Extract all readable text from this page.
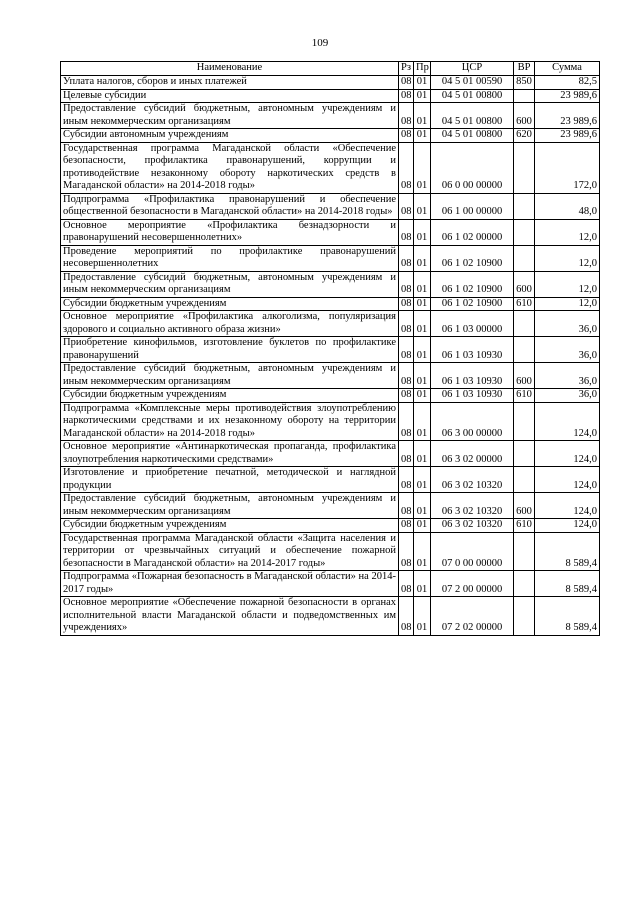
109
Наименование	Рз	Пр	ЦСР	ВР	Сумма
Уплата налогов, сборов и иных платежей	08	01	04 5 01 00590	850	82,5
Целевые субсидии	08	01	04 5 01 00800		23 989,6
Предоставление субсидий бюджетным, автономным учреждениям и иным некоммерческим организациям	08	01	04 5 01 00800	600	23 989,6
Субсидии автономным учреждениям	08	01	04 5 01 00800	620	23 989,6
Государственная программа Магаданской области «Обеспечение безопасности, профилактика правонарушений, коррупции и противодействие незаконному обороту наркотических средств в Магаданской области» на 2014-2018 годы»	08	01	06 0 00 00000		172,0
Подпрограмма «Профилактика правонарушений и обеспечение общественной безопасности в Магаданской области» на 2014-2018 годы»	08	01	06 1 00 00000		48,0
Основное мероприятие «Профилактика безнадзорности и правонарушений несовершеннолетних»	08	01	06 1 02 00000		12,0
Проведение мероприятий по профилактике правонарушений несовершеннолетних	08	01	06 1 02 10900		12,0
Предоставление субсидий бюджетным, автономным учреждениям и иным некоммерческим организациям	08	01	06 1 02 10900	600	12,0
Субсидии бюджетным учреждениям	08	01	06 1 02 10900	610	12,0
Основное мероприятие «Профилактика алкоголизма, популяризация здорового и социально активного образа жизни»	08	01	06 1 03 00000		36,0
Приобретение кинофильмов, изготовление буклетов по профилактике правонарушений	08	01	06 1 03 10930		36,0
Предоставление субсидий бюджетным, автономным учреждениям и иным некоммерческим организациям	08	01	06 1 03 10930	600	36,0
Субсидии бюджетным учреждениям	08	01	06 1 03 10930	610	36,0
Подпрограмма «Комплексные меры противодействия злоупотреблению наркотическими средствами и их незаконному обороту на территории Магаданской области» на 2014-2018 годы»	08	01	06 3 00 00000		124,0
Основное мероприятие «Антинаркотическая пропаганда, профилактика злоупотребления наркотическими средствами»	08	01	06 3 02 00000		124,0
Изготовление и приобретение печатной, методической и наглядной продукции	08	01	06 3 02 10320		124,0
Предоставление субсидий бюджетным, автономным учреждениям и иным некоммерческим организациям	08	01	06 3 02 10320	600	124,0
Субсидии бюджетным учреждениям	08	01	06 3 02 10320	610	124,0
Государственная программа Магаданской области «Защита населения и территории от чрезвычайных ситуаций и обеспечение пожарной безопасности в Магаданской области» на 2014-2017 годы»	08	01	07 0 00 00000		8 589,4
Подпрограмма «Пожарная безопасность в Магаданской области» на 2014-2017 годы»	08	01	07 2 00 00000		8 589,4
Основное мероприятие «Обеспечение пожарной безопасности в органах исполнительной власти Магаданской области и подведомственных им учреждениях»	08	01	07 2 02 00000		8 589,4
